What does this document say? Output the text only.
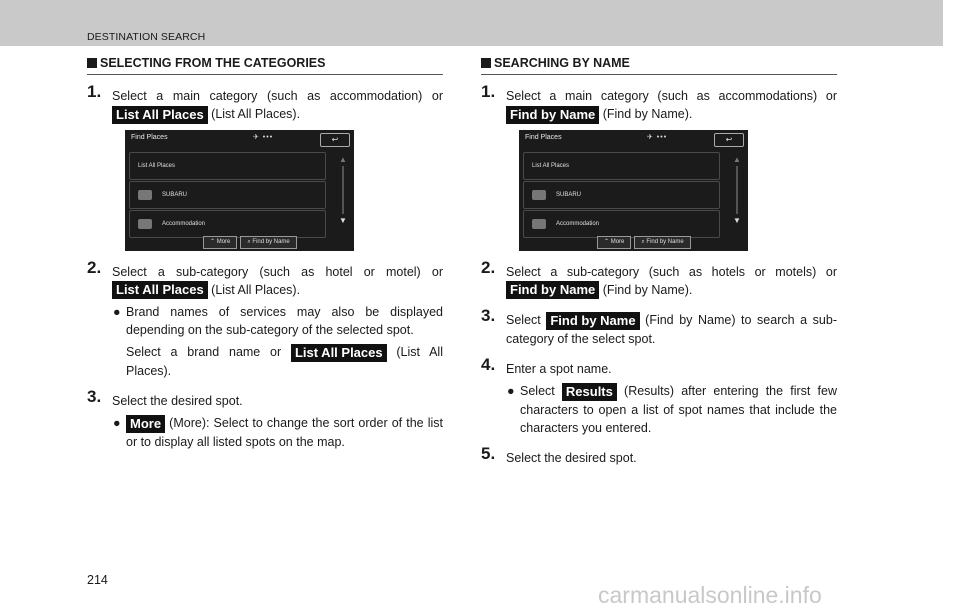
DESTINATION SEARCH
SELECTING FROM THE CATEGORIES
1. Select a main category (such as accommodation) or List All Places (List All Places).
Find Places	✈ •••	↩
List All Places
SUBARU
Accommodation
▲
▼
⌃ More	⌕ Find by Name
2. Select a sub-category (such as hotel or motel) or List All Places (List All Places).
● Brand names of services may also be displayed depending on the sub-category of the selected spot.
Select a brand name or List All Places (List All Places).
3. Select the desired spot.
● More (More): Select to change the sort order of the list or to display all listed spots on the map.
SEARCHING BY NAME
1. Select a main category (such as accommodations) or Find by Name (Find by Name).
Find Places	✈ •••	↩
List All Places
SUBARU
Accommodation
▲
▼
⌃ More	⌕ Find by Name
2. Select a sub-category (such as hotels or motels) or Find by Name (Find by Name).
3. Select Find by Name (Find by Name) to search a sub-category of the select spot.
4. Enter a spot name.
● Select Results (Results) after entering the first few characters to open a list of spot names that include the characters you entered.
5. Select the desired spot.
214
carmanualsonline.info
